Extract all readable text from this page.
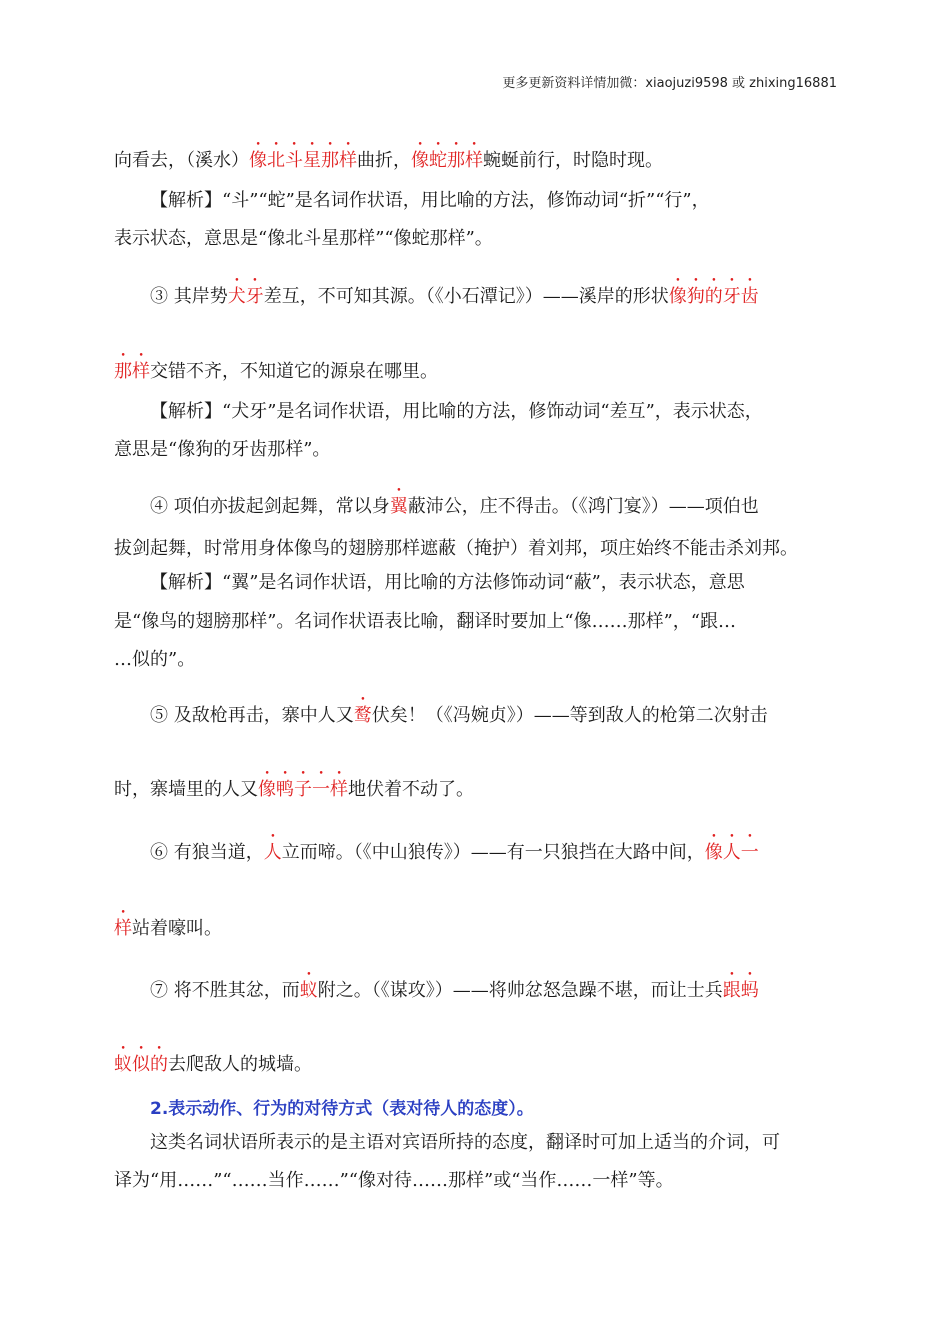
更多更新资料详情加微：xiaojuzi9598 或 zhixing16881
向看去，（溪水）像北斗星那样曲折，像蛇那样蜿蜒前行，时隐时现。
【解析】“斗”“蛇”是名词作状语，用比喻的方法，修饰动词“折”“行”，
表示状态，意思是“像北斗星那样”“像蛇那样”。
③ 其岸势犬牙差互，不可知其源。（《小石潭记》）——溪岸的形状像狗的牙齿
那样交错不齐，不知道它的源泉在哪里。
【解析】“犬牙”是名词作状语，用比喻的方法，修饰动词“差互”，表示状态，
意思是“像狗的牙齿那样”。
④ 项伯亦拔起剑起舞，常以身翼蔽沛公，庄不得击。（《鸿门宴》）——项伯也
拔剑起舞，时常用身体像鸟的翅膀那样遮蔽（掩护）着刘邦，项庄始终不能击杀刘邦。
【解析】“翼”是名词作状语，用比喻的方法修饰动词“蔽”，表示状态，意思
是“像鸟的翅膀那样”。名词作状语表比喻，翻译时要加上“像……那样”，“跟…
…似的”。
⑤ 及敌枪再击，寨中人又鹜伏矣！（《冯婉贞》）——等到敌人的枪第二次射击
时，寨墙里的人又像鸭子一样地伏着不动了。
⑥ 有狼当道，人立而啼。（《中山狼传》）——有一只狼挡在大路中间，像人一
样站着嚎叫。
⑦ 将不胜其忿，而蚁附之。（《谋攻》）——将帅忿怒急躁不堪，而让士兵跟蚂
蚁似的去爬敌人的城墙。
2.表示动作、行为的对待方式（表对待人的态度）。
这类名词状语所表示的是主语对宾语所持的态度，翻译时可加上适当的介词，可
译为“用……”“……当作……”“像对待……那样”或“当作……一样”等。
